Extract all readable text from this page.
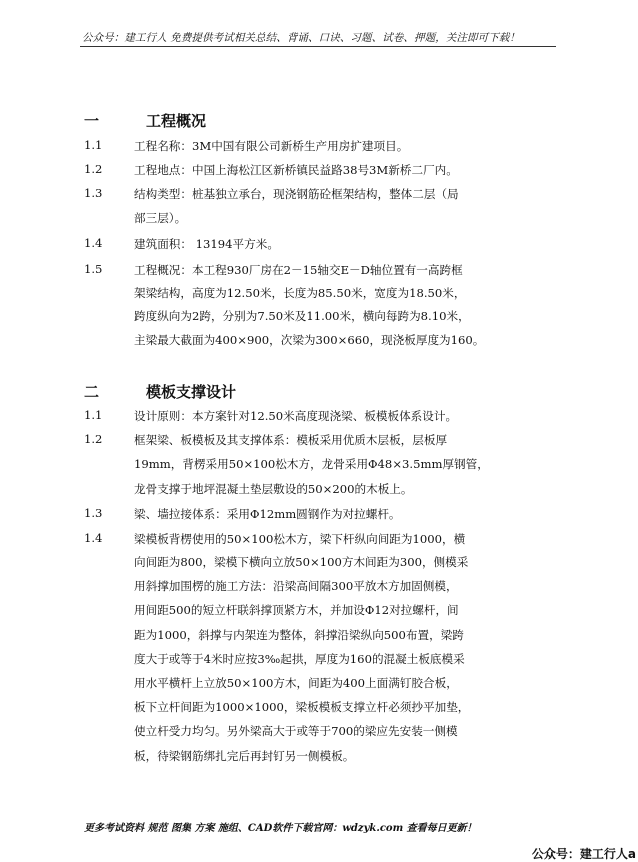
公众号：建工行人 免费提供考试相关总结、背诵、口诀、习题、试卷、押题，关注即可下载！
一	工程概况
1.1	工程名称：3M中国有限公司新桥生产用房扩建项目。
1.2	工程地点：中国上海松江区新桥镇民益路38号3M新桥二厂内。
1.3	结构类型：桩基独立承台，现浇钢筋砼框架结构，整体二层（局
部三层）。
1.4	建筑面积： 13194平方米。
1.5	工程概况：本工程930厂房在2－15轴交E－D轴位置有一高跨框
架梁结构，高度为12.50米，长度为85.50米，宽度为18.50米，
跨度纵向为2跨，分别为7.50米及11.00米，横向每跨为8.10米，
主梁最大截面为400×900，次梁为300×660，现浇板厚度为160。
二	模板支撑设计
1.1	设计原则：本方案针对12.50米高度现浇梁、板模板体系设计。
1.2	框架梁、板模板及其支撑体系：模板采用优质木层板，层板厚
19mm，背楞采用50×100松木方，龙骨采用Φ48×3.5mm厚钢管，
龙骨支撑于地坪混凝土垫层敷设的50×200的木板上。
1.3	梁、墙拉接体系：采用Φ12mm圆钢作为对拉螺杆。
1.4	梁模板背楞使用的50×100松木方，梁下杆纵向间距为1000，横
向间距为800，梁模下横向立放50×100方木间距为300，侧模采
用斜撑加围楞的施工方法：沿梁高间隔300平放木方加固侧模，
用间距500的短立杆联斜撑顶紧方木，并加设Φ12对拉螺杆，间
距为1000，斜撑与内架连为整体，斜撑沿梁纵向500布置，梁跨
度大于或等于4米时应按3‰起拱，厚度为160的混凝土板底模采
用水平横杆上立放50×100方木，间距为400上面满钉胶合板，
板下立杆间距为1000×1000，梁板模板支撑立杆必须抄平加垫，
使立杆受力均匀。另外梁高大于或等于700的梁应先安装一侧模
板，待梁钢筋绑扎完后再封钉另一侧模板。
更多考试资料 规范 图集 方案 施组、CAD软件下载官网：wdzyk.com 查看每日更新！
公众号：建工行人a
